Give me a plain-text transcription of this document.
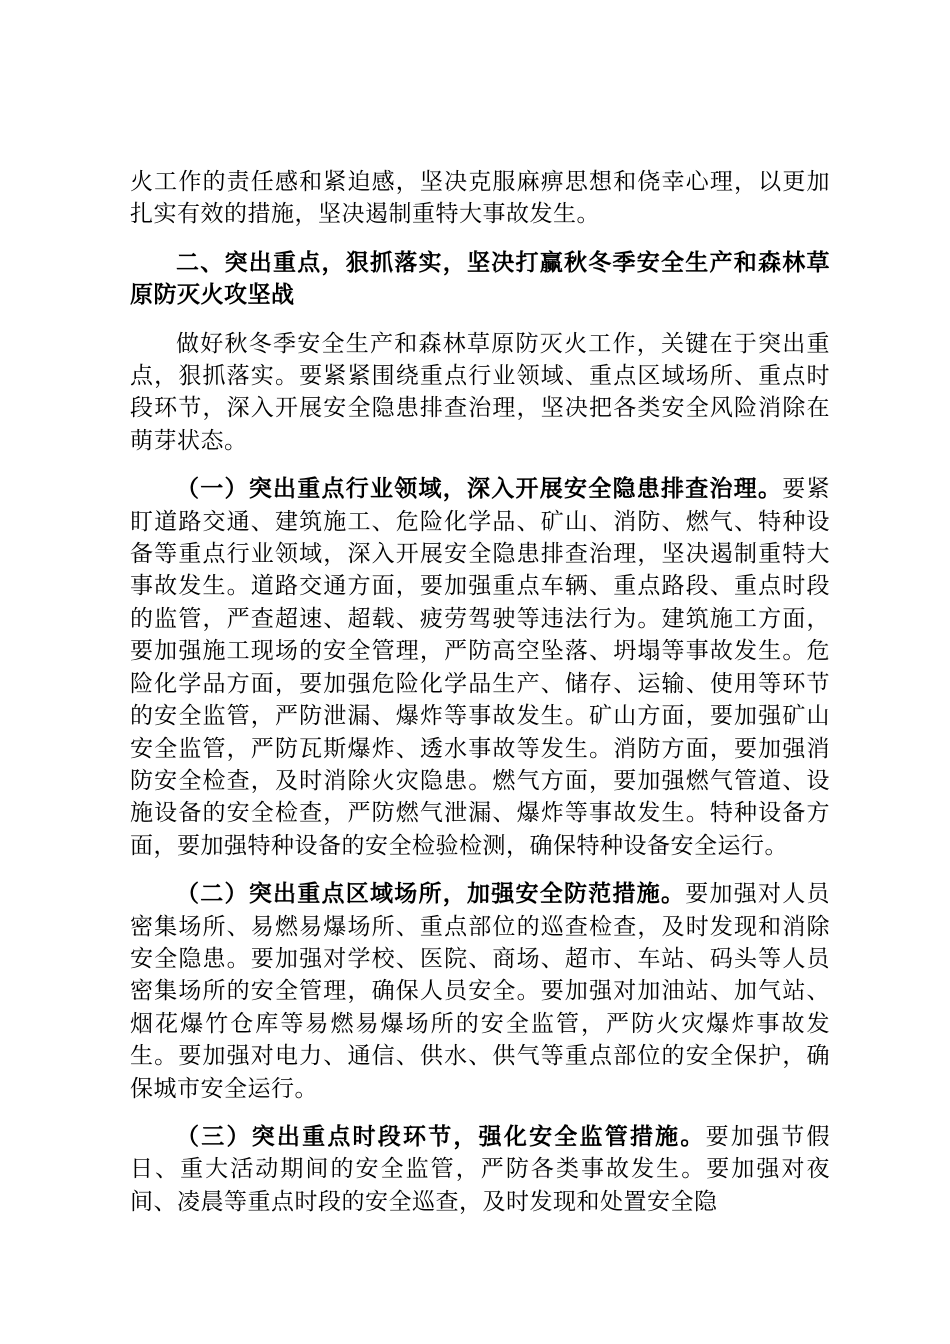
火工作的责任感和紧迫感，坚决克服麻痹思想和侥幸心理，以更加扎实有效的措施，坚决遏制重特大事故发生。

二、突出重点，狠抓落实，坚决打赢秋冬季安全生产和森林草原防灭火攻坚战

做好秋冬季安全生产和森林草原防灭火工作，关键在于突出重点，狠抓落实。要紧紧围绕重点行业领域、重点区域场所、重点时段环节，深入开展安全隐患排查治理，坚决把各类安全风险消除在萌芽状态。

（一）突出重点行业领域，深入开展安全隐患排查治理。要紧盯道路交通、建筑施工、危险化学品、矿山、消防、燃气、特种设备等重点行业领域，深入开展安全隐患排查治理，坚决遏制重特大事故发生。道路交通方面，要加强重点车辆、重点路段、重点时段的监管，严查超速、超载、疲劳驾驶等违法行为。建筑施工方面，要加强施工现场的安全管理，严防高空坠落、坍塌等事故发生。危险化学品方面，要加强危险化学品生产、储存、运输、使用等环节的安全监管，严防泄漏、爆炸等事故发生。矿山方面，要加强矿山安全监管，严防瓦斯爆炸、透水事故等发生。消防方面，要加强消防安全检查，及时消除火灾隐患。燃气方面，要加强燃气管道、设施设备的安全检查，严防燃气泄漏、爆炸等事故发生。特种设备方面，要加强特种设备的安全检验检测，确保特种设备安全运行。

（二）突出重点区域场所，加强安全防范措施。要加强对人员密集场所、易燃易爆场所、重点部位的巡查检查，及时发现和消除安全隐患。要加强对学校、医院、商场、超市、车站、码头等人员密集场所的安全管理，确保人员安全。要加强对加油站、加气站、烟花爆竹仓库等易燃易爆场所的安全监管，严防火灾爆炸事故发生。要加强对电力、通信、供水、供气等重点部位的安全保护，确保城市安全运行。

（三）突出重点时段环节，强化安全监管措施。要加强节假日、重大活动期间的安全监管，严防各类事故发生。要加强对夜间、凌晨等重点时段的安全巡查，及时发现和处置安全隐
